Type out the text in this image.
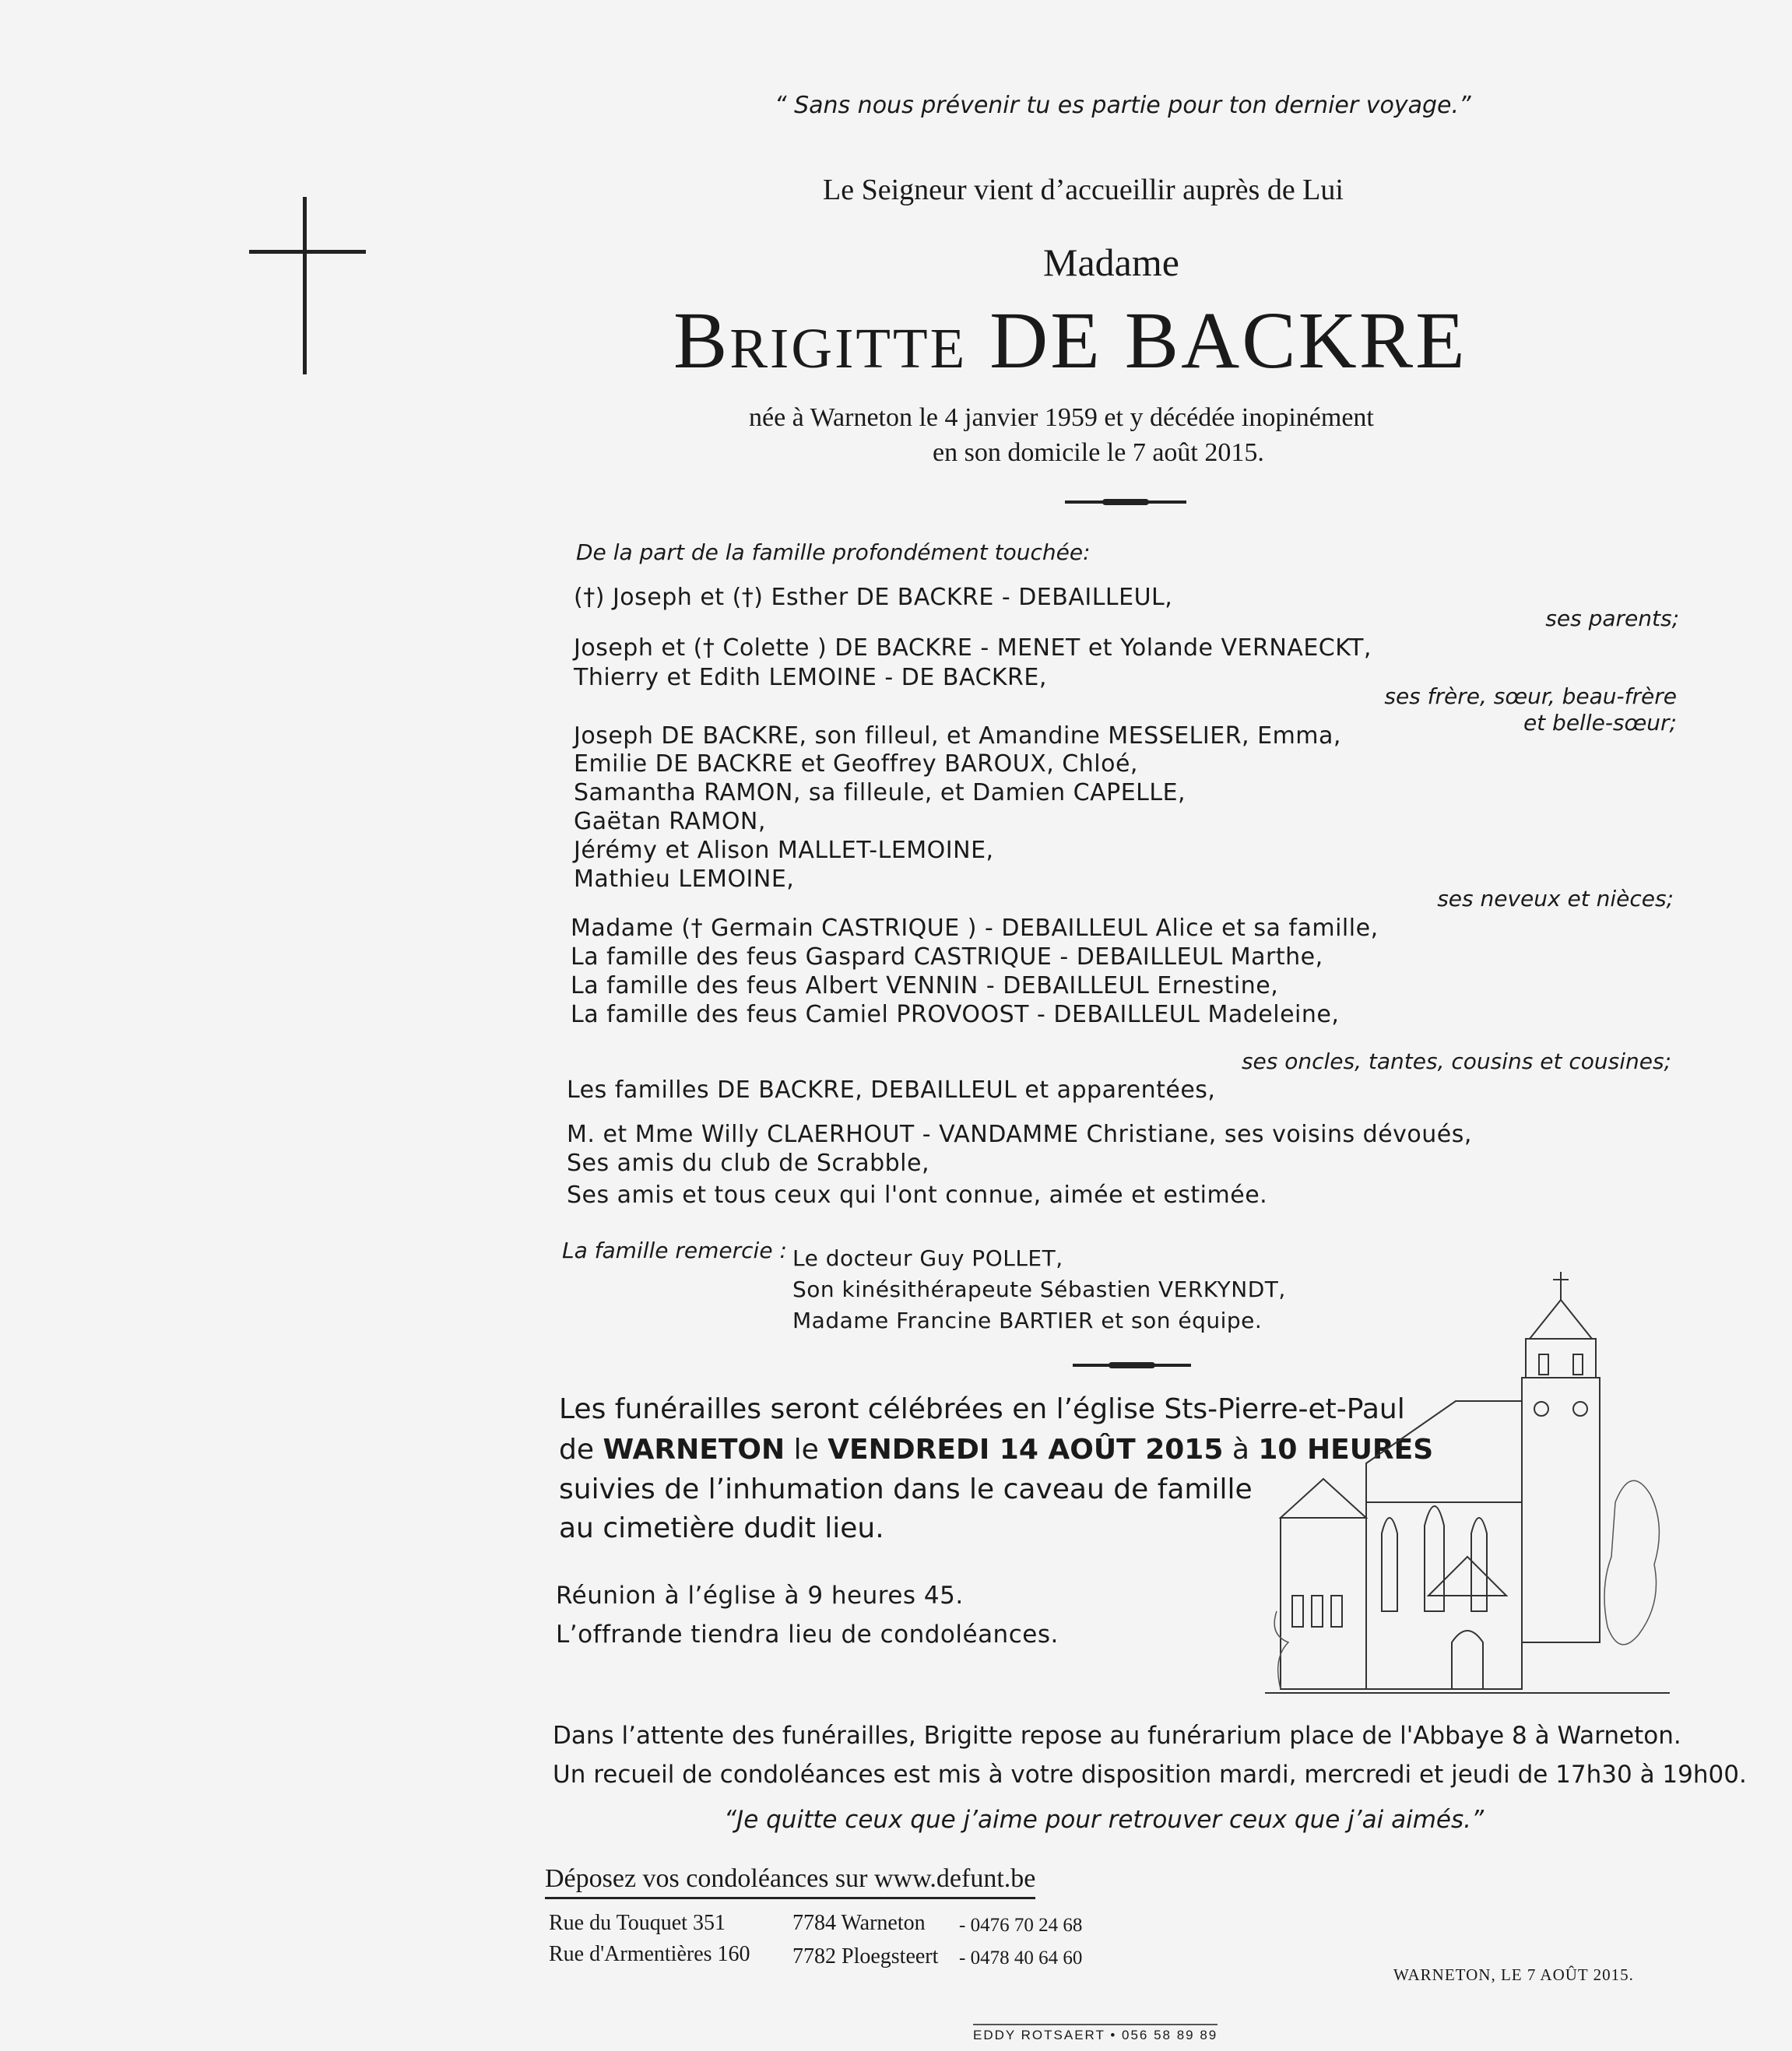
“ Sans nous prévenir tu es partie pour ton dernier voyage.”
Le Seigneur vient d’accueillir auprès de Lui
Madame
Brigitte DE BACKRE
née à Warneton le 4 janvier 1959 et y décédée inopinément
en son domicile le 7 août 2015.
De la part de la famille profondément touchée:
(†) Joseph et (†) Esther DE BACKRE - DEBAILLEUL,
Joseph et († Colette ) DE BACKRE - MENET et Yolande VERNAECKT,
Thierry et Edith LEMOINE - DE BACKRE,
Joseph DE BACKRE, son filleul, et Amandine MESSELIER, Emma,
Emilie DE BACKRE et Geoffrey BAROUX, Chloé,
Samantha RAMON, sa filleule, et Damien CAPELLE,
Gaëtan RAMON,
Jérémy et Alison MALLET-LEMOINE,
Mathieu LEMOINE,
Madame († Germain CASTRIQUE ) - DEBAILLEUL Alice et sa famille,
La famille des feus Gaspard CASTRIQUE - DEBAILLEUL Marthe,
La famille des feus Albert VENNIN - DEBAILLEUL Ernestine,
La famille des feus Camiel PROVOOST - DEBAILLEUL Madeleine,
Les familles DE BACKRE, DEBAILLEUL et apparentées,
M. et Mme Willy CLAERHOUT - VANDAMME Christiane, ses voisins dévoués,
Ses amis du club de Scrabble,
Ses amis et tous ceux qui l'ont connue, aimée et estimée.
ses parents;
ses frère, sœur, beau-frère
et belle-sœur;
ses neveux et nièces;
ses oncles, tantes, cousins et cousines;
La famille remercie : Le docteur Guy POLLET,
Son kinésithérapeute Sébastien VERKYNDT,
Madame Francine BARTIER et son équipe.
Les funérailles seront célébrées en l’église Sts-Pierre-et-Paul
de WARNETON le VENDREDI 14 AOÛT 2015 à 10 HEURES
suivies de l’inhumation dans le caveau de famille
au cimetière dudit lieu.
Réunion à l’église à 9 heures 45.
L’offrande tiendra lieu de condoléances.
Dans l’attente des funérailles, Brigitte repose au funérarium place de l'Abbaye 8 à Warneton.
Un recueil de condoléances est mis à votre disposition mardi, mercredi et jeudi de 17h30 à 19h00.
“Je quitte ceux que j’aime pour retrouver ceux que j’ai aimés.”
Déposez vos condoléances sur www.defunt.be
Rue du Touquet 351	7784 Warneton - 0476 70 24 68
Rue d'Armentières 160 7782 Ploegsteert - 0478 40 64 60
WARNETON, LE 7 AOÛT 2015.
EDDY ROTSAERT • 056 58 89 89
